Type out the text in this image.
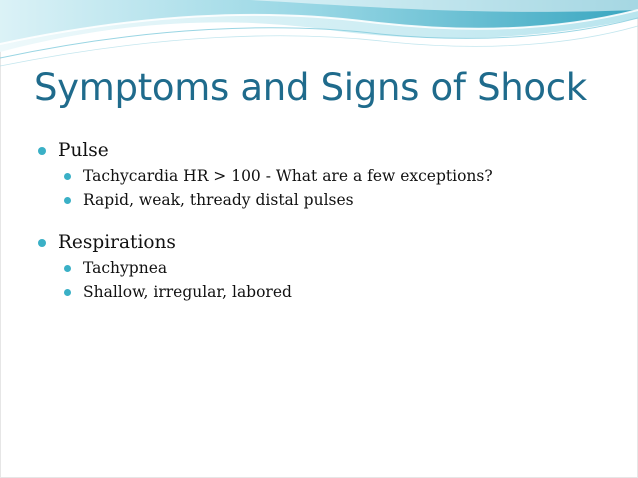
Symptoms and Signs of Shock

Pulse

Tachycardia HR > 100 - What are a few exceptions?

Rapid, weak, thready distal pulses

Respirations

Tachypnea

Shallow, irregular, labored
